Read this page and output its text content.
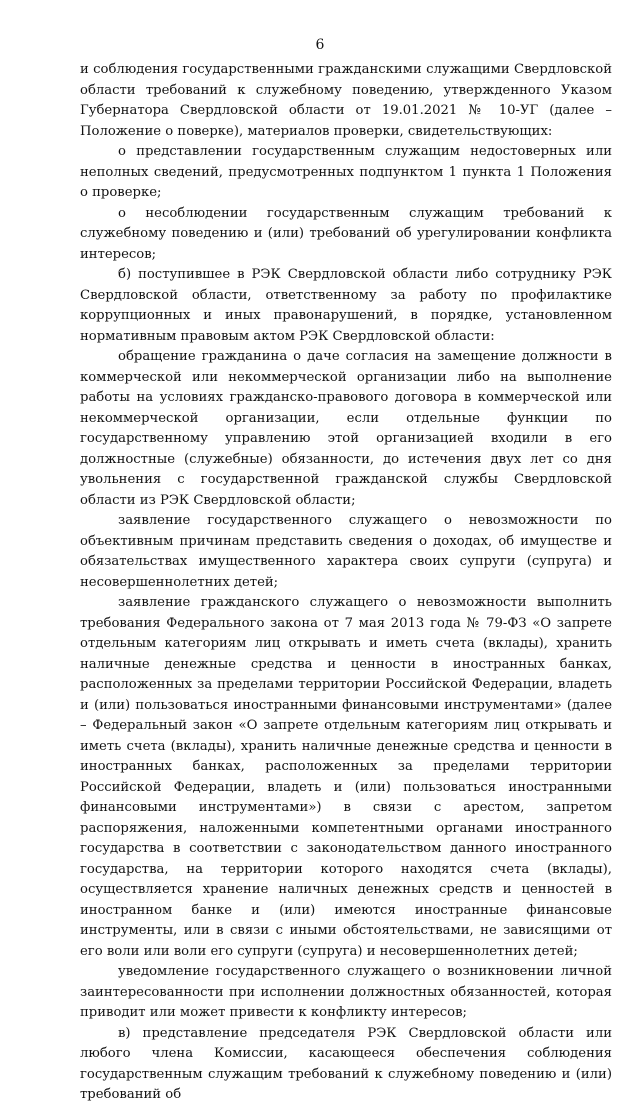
6

и соблюдения государственными гражданскими служащими Свердловской области требований к служебному поведению, утвержденного Указом Губернатора Свердловской области от 19.01.2021 № 10-УГ (далее – Положение о поверке), материалов проверки, свидетельствующих:

о представлении государственным служащим недостоверных или неполных сведений, предусмотренных подпунктом 1 пункта 1 Положения о проверке;

о несоблюдении государственным служащим требований к служебному поведению и (или) требований об урегулировании конфликта интересов;

б) поступившее в РЭК Свердловской области либо сотруднику РЭК Свердловской области, ответственному за работу по профилактике коррупционных и иных правонарушений, в порядке, установленном нормативным правовым актом РЭК Свердловской области:

обращение гражданина о даче согласия на замещение должности в коммерческой или некоммерческой организации либо на выполнение работы на условиях гражданско-правового договора в коммерческой или некоммерческой организации, если отдельные функции по государственному управлению этой организацией входили в его должностные (служебные) обязанности, до истечения двух лет со дня увольнения с государственной гражданской службы Свердловской области из РЭК Свердловской области;

заявление государственного служащего о невозможности по объективным причинам представить сведения о доходах, об имуществе и обязательствах имущественного характера своих супруги (супруга) и несовершеннолетних детей;

заявление гражданского служащего о невозможности выполнить требования Федерального закона от 7 мая 2013 года № 79-ФЗ «О запрете отдельным категориям лиц открывать и иметь счета (вклады), хранить наличные денежные средства и ценности в иностранных банках, расположенных за пределами территории Российской Федерации, владеть и (или) пользоваться иностранными финансовыми инструментами» (далее – Федеральный закон «О запрете отдельным категориям лиц открывать и иметь счета (вклады), хранить наличные денежные средства и ценности в иностранных банках, расположенных за пределами территории Российской Федерации, владеть и (или) пользоваться иностранными финансовыми инструментами») в связи с арестом, запретом распоряжения, наложенными компетентными органами иностранного государства в соответствии с законодательством данного иностранного государства, на территории которого находятся счета (вклады), осуществляется хранение наличных денежных средств и ценностей в иностранном банке и (или) имеются иностранные финансовые инструменты, или в связи с иными обстоятельствами, не зависящими от его воли или воли его супруги (супруга) и несовершеннолетних детей;

уведомление государственного служащего о возникновении личной заинтересованности при исполнении должностных обязанностей, которая приводит или может привести к конфликту интересов;

в) представление председателя РЭК Свердловской области или любого члена Комиссии, касающееся обеспечения соблюдения государственным служащим требований к служебному поведению и (или) требований об
